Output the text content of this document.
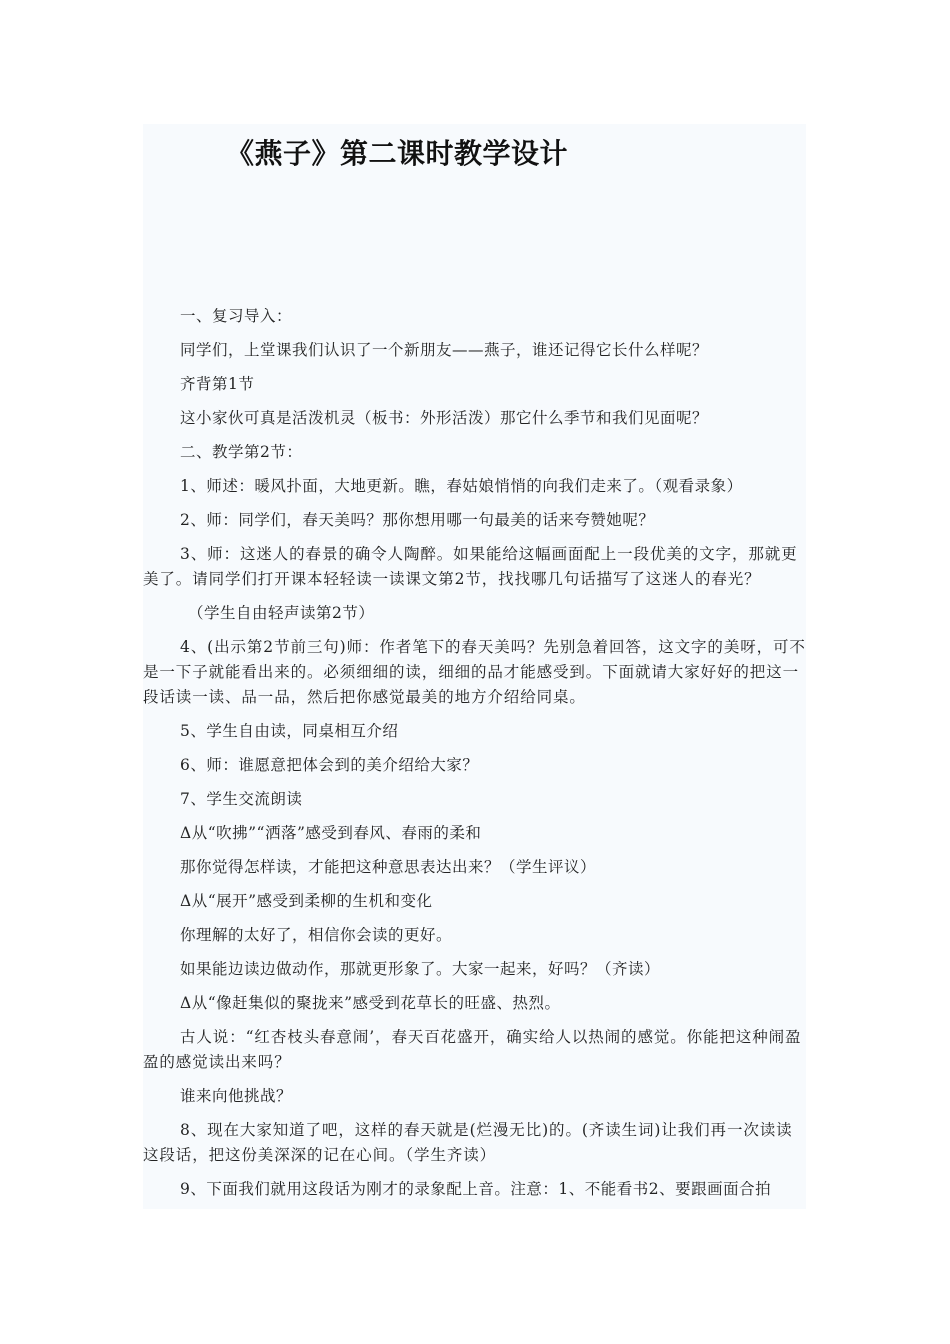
《燕子》第二课时教学设计

一、复习导入：

同学们，上堂课我们认识了一个新朋友——燕子，谁还记得它长什么样呢？

齐背第1节

这小家伙可真是活泼机灵（板书：外形活泼）那它什么季节和我们见面呢？

二、教学第2节：

1、师述：暖风扑面，大地更新。瞧，春姑娘悄悄的向我们走来了。（观看录象）

2、师：同学们，春天美吗？那你想用哪一句最美的话来夸赞她呢？

3、师：这迷人的春景的确令人陶醉。如果能给这幅画面配上一段优美的文字，那就更美了。请同学们打开课本轻轻读一读课文第2节，找找哪几句话描写了这迷人的春光？

（学生自由轻声读第2节）

4、(出示第2节前三句)师：作者笔下的春天美吗？先别急着回答，这文字的美呀，可不是一下子就能看出来的。必须细细的读，细细的品才能感受到。下面就请大家好好的把这一段话读一读、品一品，然后把你感觉最美的地方介绍给同桌。

5、学生自由读，同桌相互介绍

6、师：谁愿意把体会到的美介绍给大家？

7、学生交流朗读

Δ从“吹拂”“洒落”感受到春风、春雨的柔和

那你觉得怎样读，才能把这种意思表达出来？（学生评议）

Δ从“展开”感受到柔柳的生机和变化

你理解的太好了，相信你会读的更好。

如果能边读边做动作，那就更形象了。大家一起来，好吗？（齐读）

Δ从“像赶集似的聚拢来”感受到花草长的旺盛、热烈。

古人说：“红杏枝头春意闹’，春天百花盛开，确实给人以热闹的感觉。你能把这种闹盈盈的感觉读出来吗？

谁来向他挑战？

8、现在大家知道了吧，这样的春天就是(烂漫无比)的。(齐读生词)让我们再一次读读这段话，把这份美深深的记在心间。（学生齐读）

9、下面我们就用这段话为刚才的录象配上音。注意：1、不能看书2、要跟画面合拍
